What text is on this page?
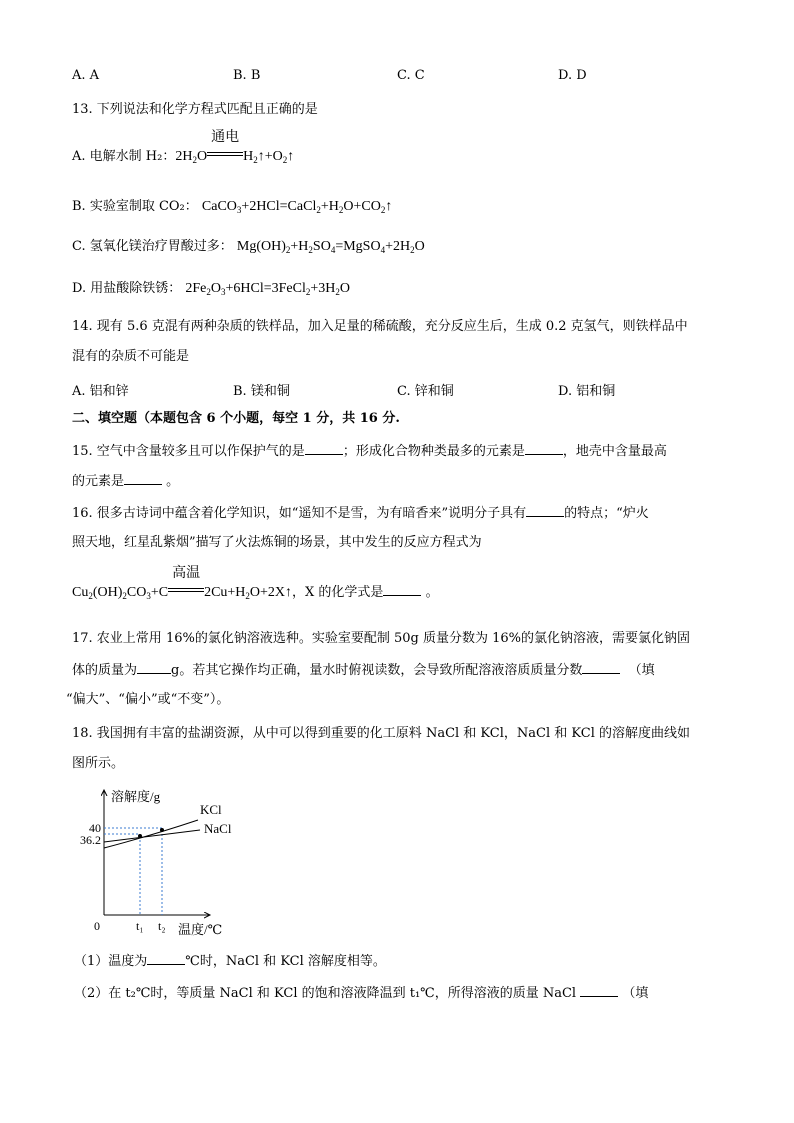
A. A	B. B	C. C	D. D
13. 下列说法和化学方程式匹配且正确的是
A. 电解水制 H₂：$2H_2O$
通电
$H_2↑+O_2↑$
B. 实验室制取 CO₂： $CaCO_3+2HCl=CaCl_2+H_2O+CO_2↑$
C. 氢氧化镁治疗胃酸过多： $Mg(OH)_2+H_2SO_4=MgSO_4+2H_2O$
D. 用盐酸除铁锈： $2Fe_2O_3+6HCl=3FeCl_2+3H_2O$
14. 现有 5.6 克混有两种杂质的铁样品，加入足量的稀硫酸，充分反应生后，生成 0.2 克氢气，则铁样品中
混有的杂质不可能是
A. 铝和锌	B. 镁和铜	C. 锌和铜	D. 铝和铜
二、填空题（本题包含 6 个小题，每空 1 分，共 16 分.
15. 空气中含量较多且可以作保护气的是	；形成化合物种类最多的元素是	，地壳中含量最高
的元素是	。
16. 很多古诗词中蕴含着化学知识，如“遥知不是雪，为有暗香来”说明分子具有	的特点；“炉火
照天地，红星乱紫烟”描写了火法炼铜的场景，其中发生的反应方程式为
$Cu_2(OH)_2CO_3+C$
高温
$2Cu+H_2O+2X↑$，X 的化学式是	。
17. 农业上常用 16%的氯化钠溶液选种。实验室要配制 50g 质量分数为 16%的氯化钠溶液，需要氯化钠固
体的质量为	g。若其它操作均正确，量水时俯视读数，会导致所配溶液溶质质量分数	（填
“偏大”、“偏小”或“不变”）。
18. 我国拥有丰富的盐湖资源，从中可以得到重要的化工原料 NaCl 和 KCl，NaCl 和 KCl 的溶解度曲线如
图所示。
溶解度/g
温度/℃
0
40
36.2
KCl
NaCl
t₁ t₂
（1）温度为	℃时，NaCl 和 KCl 溶解度相等。
（2）在 t₂℃时，等质量 NaCl 和 KCl 的饱和溶液降温到 t₁℃，所得溶液的质量 NaCl	（填
